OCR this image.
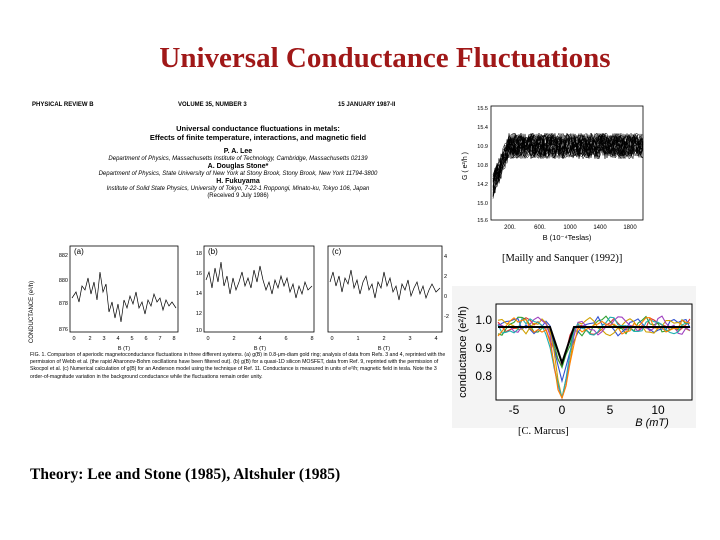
Universal Conductance Fluctuations
PHYSICAL REVIEW B	VOLUME 35, NUMBER 3	15 JANUARY 1987-II
Universal conductance fluctuations in metals:
Effects of finite temperature, interactions, and magnetic field
P. A. Lee
Department of Physics, Massachusetts Institute of Technology, Cambridge, Massachusetts 02139
A. Douglas Stone*
Department of Physics, State University of New York at Stony Brook, Stony Brook, New York 11794-3800
H. Fukuyama
Institute of Solid State Physics, University of Tokyo, 7-22-1 Roppongi, Minato-ku, Tokyo 106, Japan
(Received 9 July 1986)
CONDUCTANCE (e²/h)
(a)
882
880
878
876
0 2 3 4 5 6 7 8
B (T)
(b)
18
16
14
12
10
0	2	4	6	8
B (T)
(c)
4
2
0
-2
0	1	2	3	4
B (T)
FIG. 1. Comparison of aperiodic magnetoconductance fluctuations in three different systems. (a) g(B) in 0.8-μm-diam gold ring; analysis of data from Refs. 3 and 4, reprinted with the permission of Webb et al. (the rapid Aharonov-Bohm oscillations have been filtered out). (b) g(B) for a quasi-1D silicon MOSFET, data from Ref. 9, reprinted with the permission of Skocpol et al. (c) Numerical calculation of g(B) for an Anderson model using the technique of Ref. 11. Conductance is measured in units of e²/h; magnetic field in tesla. Note the 3 order-of-magnitude variation in the background conductance while the fluctuations remain order unity.
15.5
15.4
10.9
10.8
14.2
15.0
15.6
G ( e²/h )
200.	600.	1000	1400	1800
B (10⁻⁴Teslas)
[Mailly and Sanquer (1992)]
1.0
0.9
0.8
conductance (e²/h)
-5	0	5	10
B (mT)
[C. Marcus]
Theory: Lee and Stone (1985), Altshuler (1985)
